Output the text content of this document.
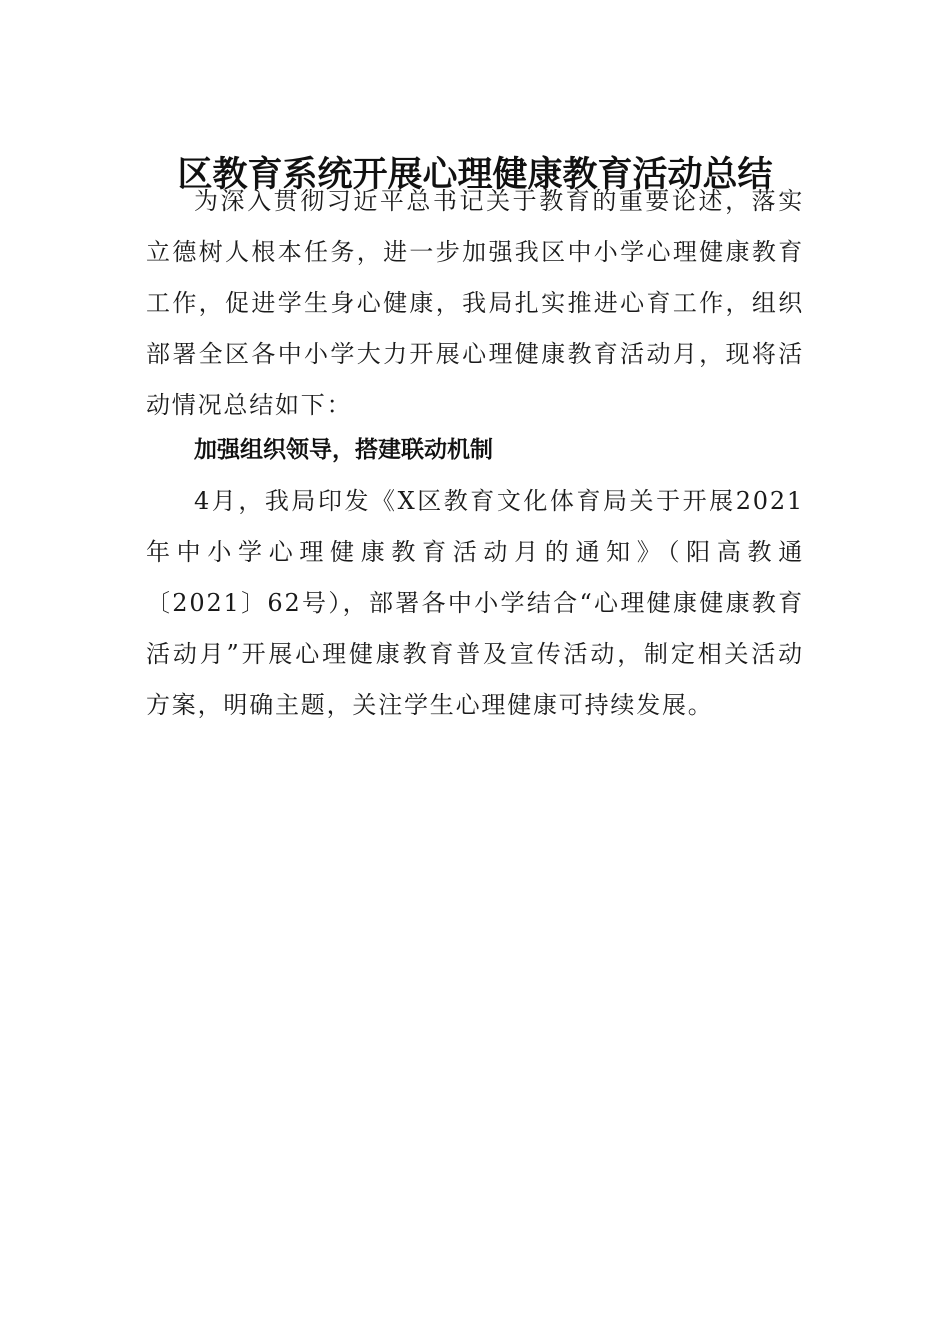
区教育系统开展心理健康教育活动总结

为深入贯彻习近平总书记关于教育的重要论述，落实立德树人根本任务，进一步加强我区中小学心理健康教育工作，促进学生身心健康，我局扎实推进心育工作，组织部署全区各中小学大力开展心理健康教育活动月，现将活动情况总结如下：

加强组织领导，搭建联动机制

4月，我局印发《X区教育文化体育局关于开展2021年中小学心理健康教育活动月的通知》（阳高教通〔2021〕62号），部署各中小学结合“心理健康健康教育活动月”开展心理健康教育普及宣传活动，制定相关活动方案，明确主题，关注学生心理健康可持续发展。
